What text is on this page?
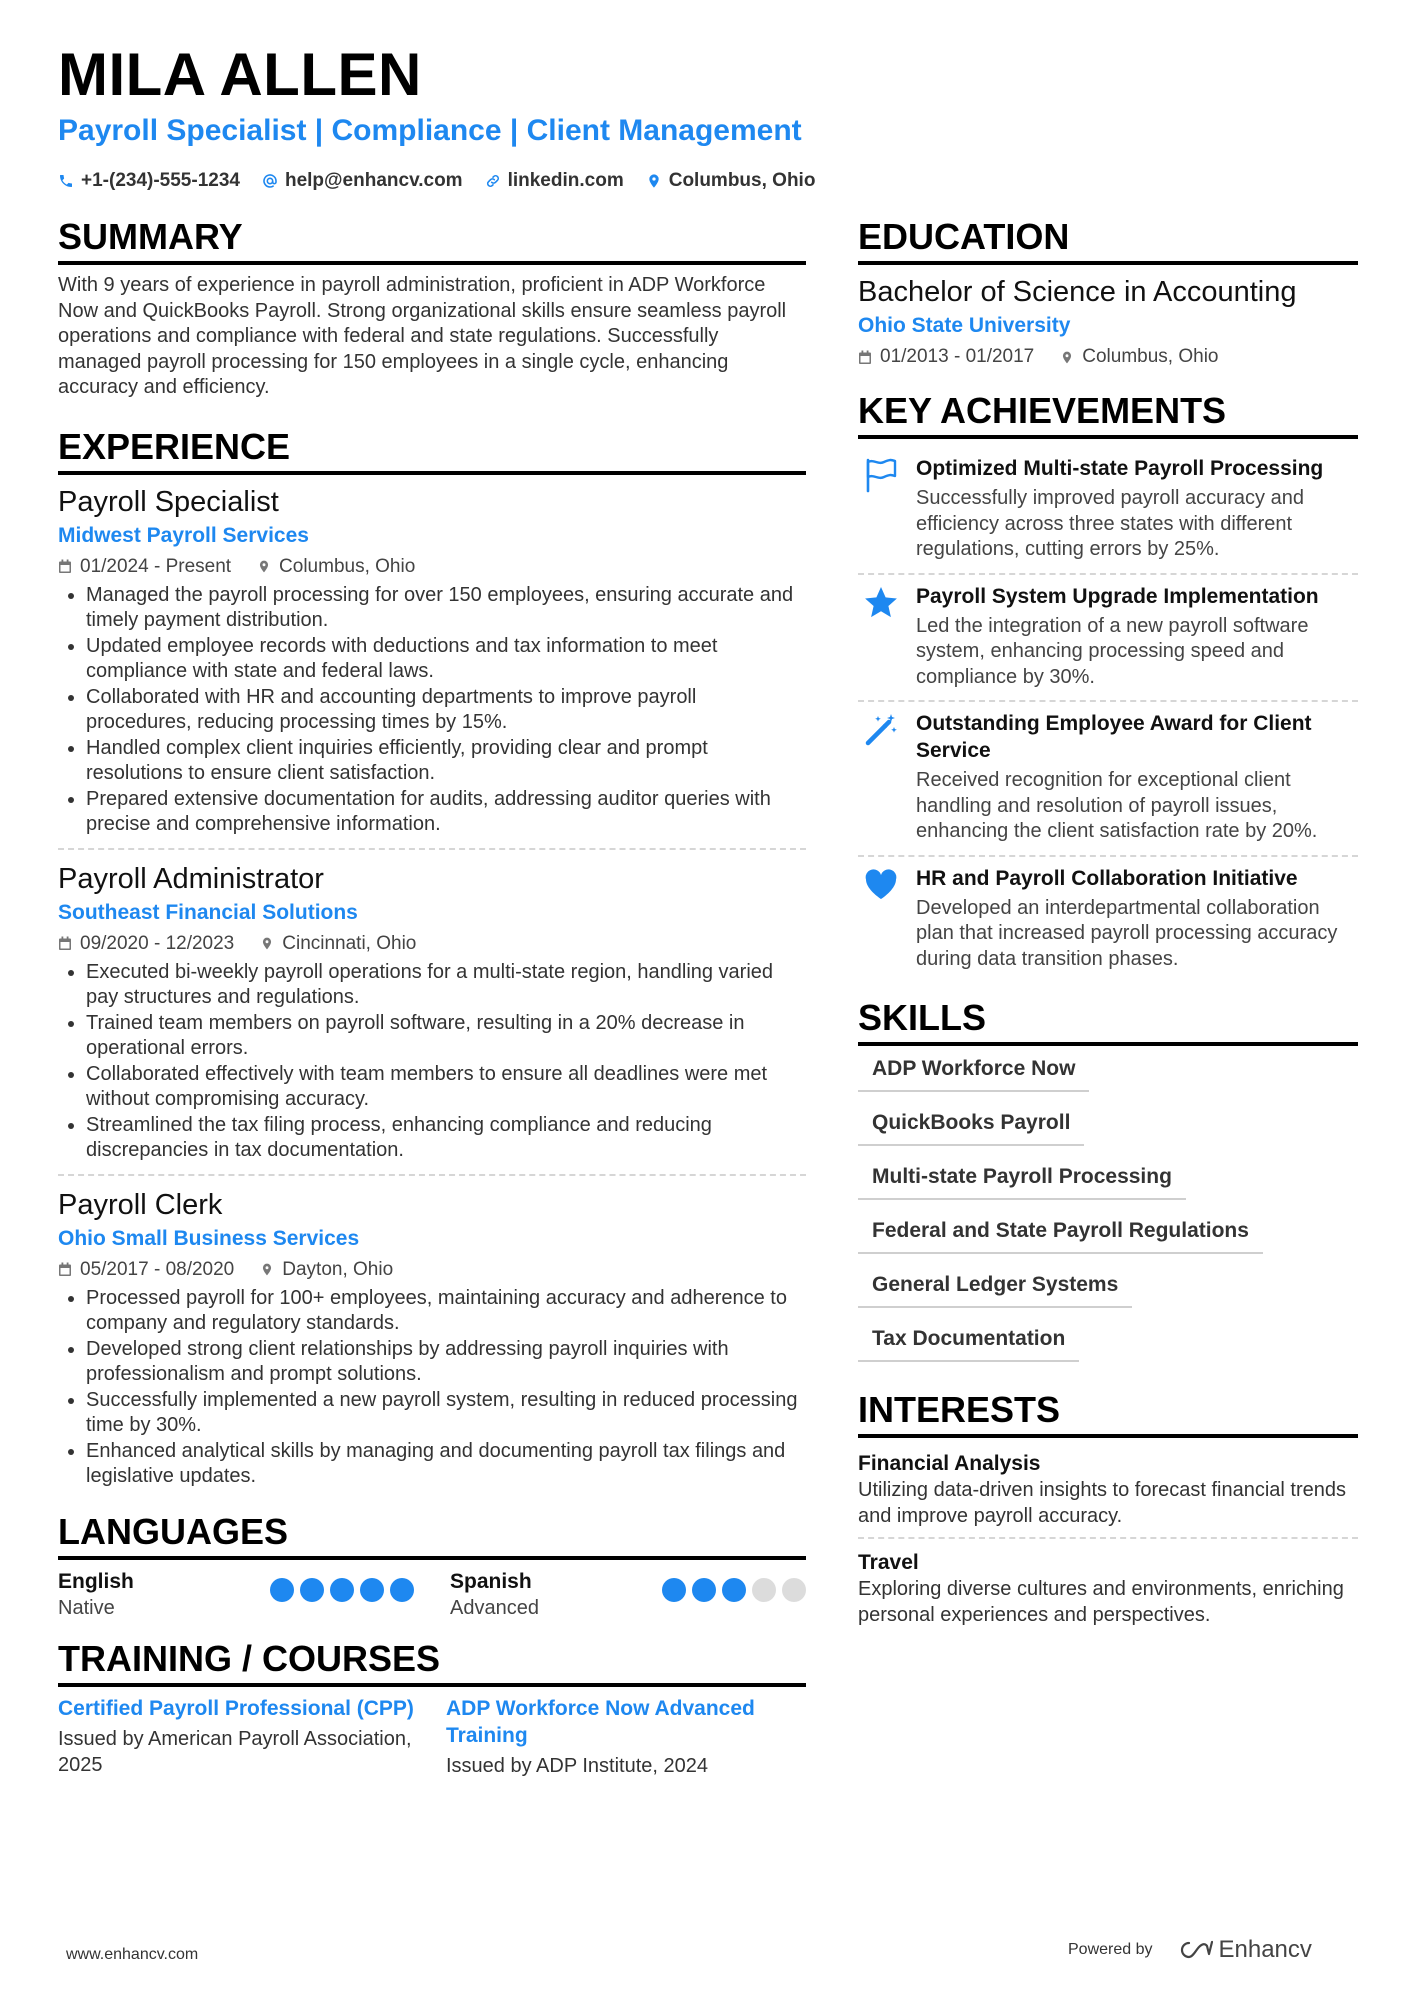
MILA ALLEN
Payroll Specialist | Compliance | Client Management
+1-(234)-555-1234 help@enhancv.com linkedin.com Columbus, Ohio
SUMMARY
With 9 years of experience in payroll administration, proficient in ADP Workforce Now and QuickBooks Payroll. Strong organizational skills ensure seamless payroll operations and compliance with federal and state regulations. Successfully managed payroll processing for 150 employees in a single cycle, enhancing accuracy and efficiency.
EXPERIENCE
Payroll Specialist
Midwest Payroll Services
01/2024 - Present	Columbus, Ohio
• Managed the payroll processing for over 150 employees, ensuring accurate and timely payment distribution.
• Updated employee records with deductions and tax information to meet compliance with state and federal laws.
• Collaborated with HR and accounting departments to improve payroll procedures, reducing processing times by 15%.
• Handled complex client inquiries efficiently, providing clear and prompt resolutions to ensure client satisfaction.
• Prepared extensive documentation for audits, addressing auditor queries with precise and comprehensive information.
Payroll Administrator
Southeast Financial Solutions
09/2020 - 12/2023	Cincinnati, Ohio
• Executed bi-weekly payroll operations for a multi-state region, handling varied pay structures and regulations.
• Trained team members on payroll software, resulting in a 20% decrease in operational errors.
• Collaborated effectively with team members to ensure all deadlines were met without compromising accuracy.
• Streamlined the tax filing process, enhancing compliance and reducing discrepancies in tax documentation.
Payroll Clerk
Ohio Small Business Services
05/2017 - 08/2020	Dayton, Ohio
• Processed payroll for 100+ employees, maintaining accuracy and adherence to company and regulatory standards.
• Developed strong client relationships by addressing payroll inquiries with professionalism and prompt solutions.
• Successfully implemented a new payroll system, resulting in reduced processing time by 30%.
• Enhanced analytical skills by managing and documenting payroll tax filings and legislative updates.
LANGUAGES
English
Native
Spanish
Advanced
TRAINING / COURSES
Certified Payroll Professional (CPP)
Issued by American Payroll Association, 2025
ADP Workforce Now Advanced Training
Issued by ADP Institute, 2024
EDUCATION
Bachelor of Science in Accounting
Ohio State University
01/2013 - 01/2017	Columbus, Ohio
KEY ACHIEVEMENTS
Optimized Multi-state Payroll Processing
Successfully improved payroll accuracy and efficiency across three states with different regulations, cutting errors by 25%.
Payroll System Upgrade Implementation
Led the integration of a new payroll software system, enhancing processing speed and compliance by 30%.
Outstanding Employee Award for Client Service
Received recognition for exceptional client handling and resolution of payroll issues, enhancing the client satisfaction rate by 20%.
HR and Payroll Collaboration Initiative
Developed an interdepartmental collaboration plan that increased payroll processing accuracy during data transition phases.
SKILLS
ADP Workforce Now
QuickBooks Payroll
Multi-state Payroll Processing
Federal and State Payroll Regulations
General Ledger Systems
Tax Documentation
INTERESTS
Financial Analysis
Utilizing data-driven insights to forecast financial trends and improve payroll accuracy.
Travel
Exploring diverse cultures and environments, enriching personal experiences and perspectives.
www.enhancv.com	Powered by	Enhancv
